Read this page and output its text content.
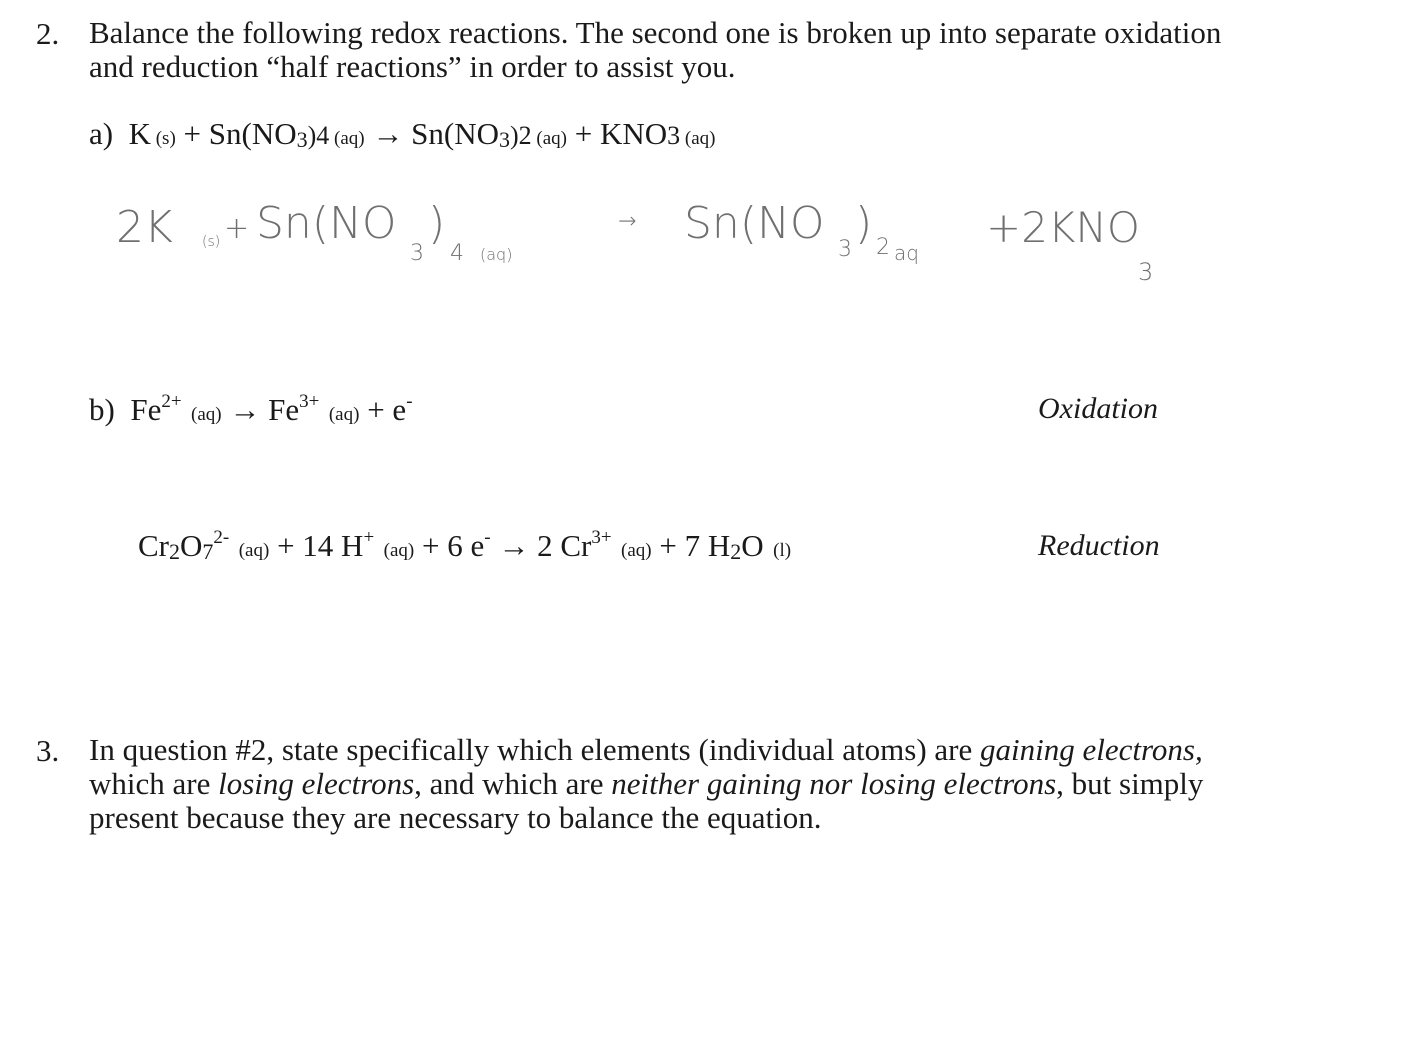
2. Balance the following redox reactions. The second one is broken up into separate oxidation
and reduction “half reactions” in order to assist you.
a) K $(s) + Sn(NO_3)4$ $(aq) \to Sn(NO_3)2$ (aq) + KNO3 (aq)
2K (s) + Sn(NO
3
)
4 (aq)
→ Sn(NO
3
) 2 aq
+2KNO
3
b) $Fe^{2+}$  $(aq) \to Fe^{3+}$  (aq) + e-	Oxidation
$Cr_2O_7^{2-}$  (aq) + 14 H+  (aq) + 6 e- → 2 $Cr^{3+}$  (aq) + 7 $H_2O$ (l)	Reduction
3. In question #2, state specifically which elements (individual atoms) are gaining electrons,
which are losing electrons, and which are neither gaining nor losing electrons, but simply
present because they are necessary to balance the equation.
